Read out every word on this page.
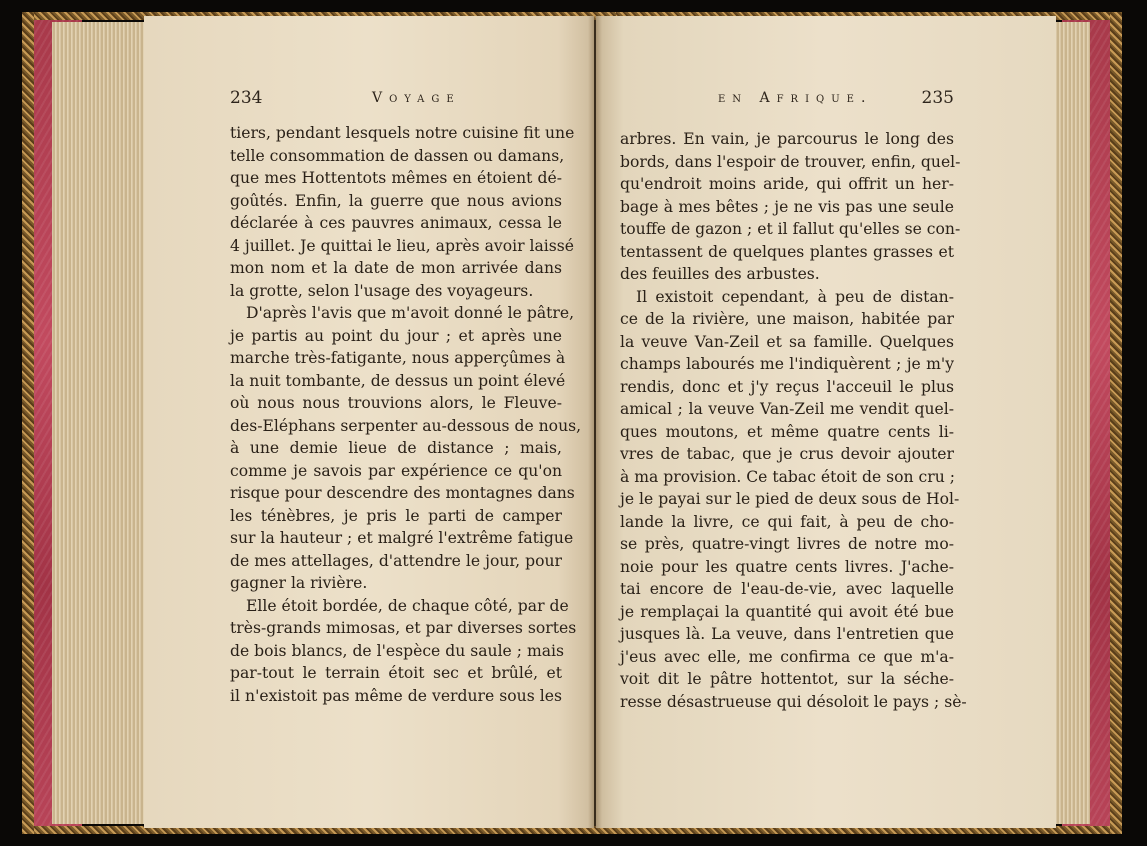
234	Voyage	en Afrique.	235
tiers, pendant lesquels notre cuisine fit une
telle consommation de dassen ou damans,
que mes Hottentots mêmes en étoient dé-
goûtés. Enfin, la guerre que nous avions
déclarée à ces pauvres animaux, cessa le
4 juillet. Je quittai le lieu, après avoir laissé
mon nom et la date de mon arrivée dans
la grotte, selon l'usage des voyageurs.
D'après l'avis que m'avoit donné le pâtre,
je partis au point du jour ; et après une
marche très-fatigante, nous apperçûmes à
la nuit tombante, de dessus un point élevé
où nous nous trouvions alors, le Fleuve-
des-Eléphans serpenter au-dessous de nous,
à une demie lieue de distance ; mais,
comme je savois par expérience ce qu'on
risque pour descendre des montagnes dans
les ténèbres, je pris le parti de camper
sur la hauteur ; et malgré l'extrême fatigue
de mes attellages, d'attendre le jour, pour
gagner la rivière.
Elle étoit bordée, de chaque côté, par de
très-grands mimosas, et par diverses sortes
de bois blancs, de l'espèce du saule ; mais
par-tout le terrain étoit sec et brûlé, et
il n'existoit pas même de verdure sous les
arbres. En vain, je parcourus le long des
bords, dans l'espoir de trouver, enfin, quel-
qu'endroit moins aride, qui offrit un her-
bage à mes bêtes ; je ne vis pas une seule
touffe de gazon ; et il fallut qu'elles se con-
tentassent de quelques plantes grasses et
des feuilles des arbustes.
Il existoit cependant, à peu de distan-
ce de la rivière, une maison, habitée par
la veuve Van-Zeil et sa famille. Quelques
champs labourés me l'indiquèrent ; je m'y
rendis, donc et j'y reçus l'acceuil le plus
amical ; la veuve Van-Zeil me vendit quel-
ques moutons, et même quatre cents li-
vres de tabac, que je crus devoir ajouter
à ma provision. Ce tabac étoit de son cru ;
je le payai sur le pied de deux sous de Hol-
lande la livre, ce qui fait, à peu de cho-
se près, quatre-vingt livres de notre mo-
noie pour les quatre cents livres. J'ache-
tai encore de l'eau-de-vie, avec laquelle
je remplaçai la quantité qui avoit été bue
jusques là. La veuve, dans l'entretien que
j'eus avec elle, me confirma ce que m'a-
voit dit le pâtre hottentot, sur la séche-
resse désastrueuse qui désoloit le pays ; sè-
